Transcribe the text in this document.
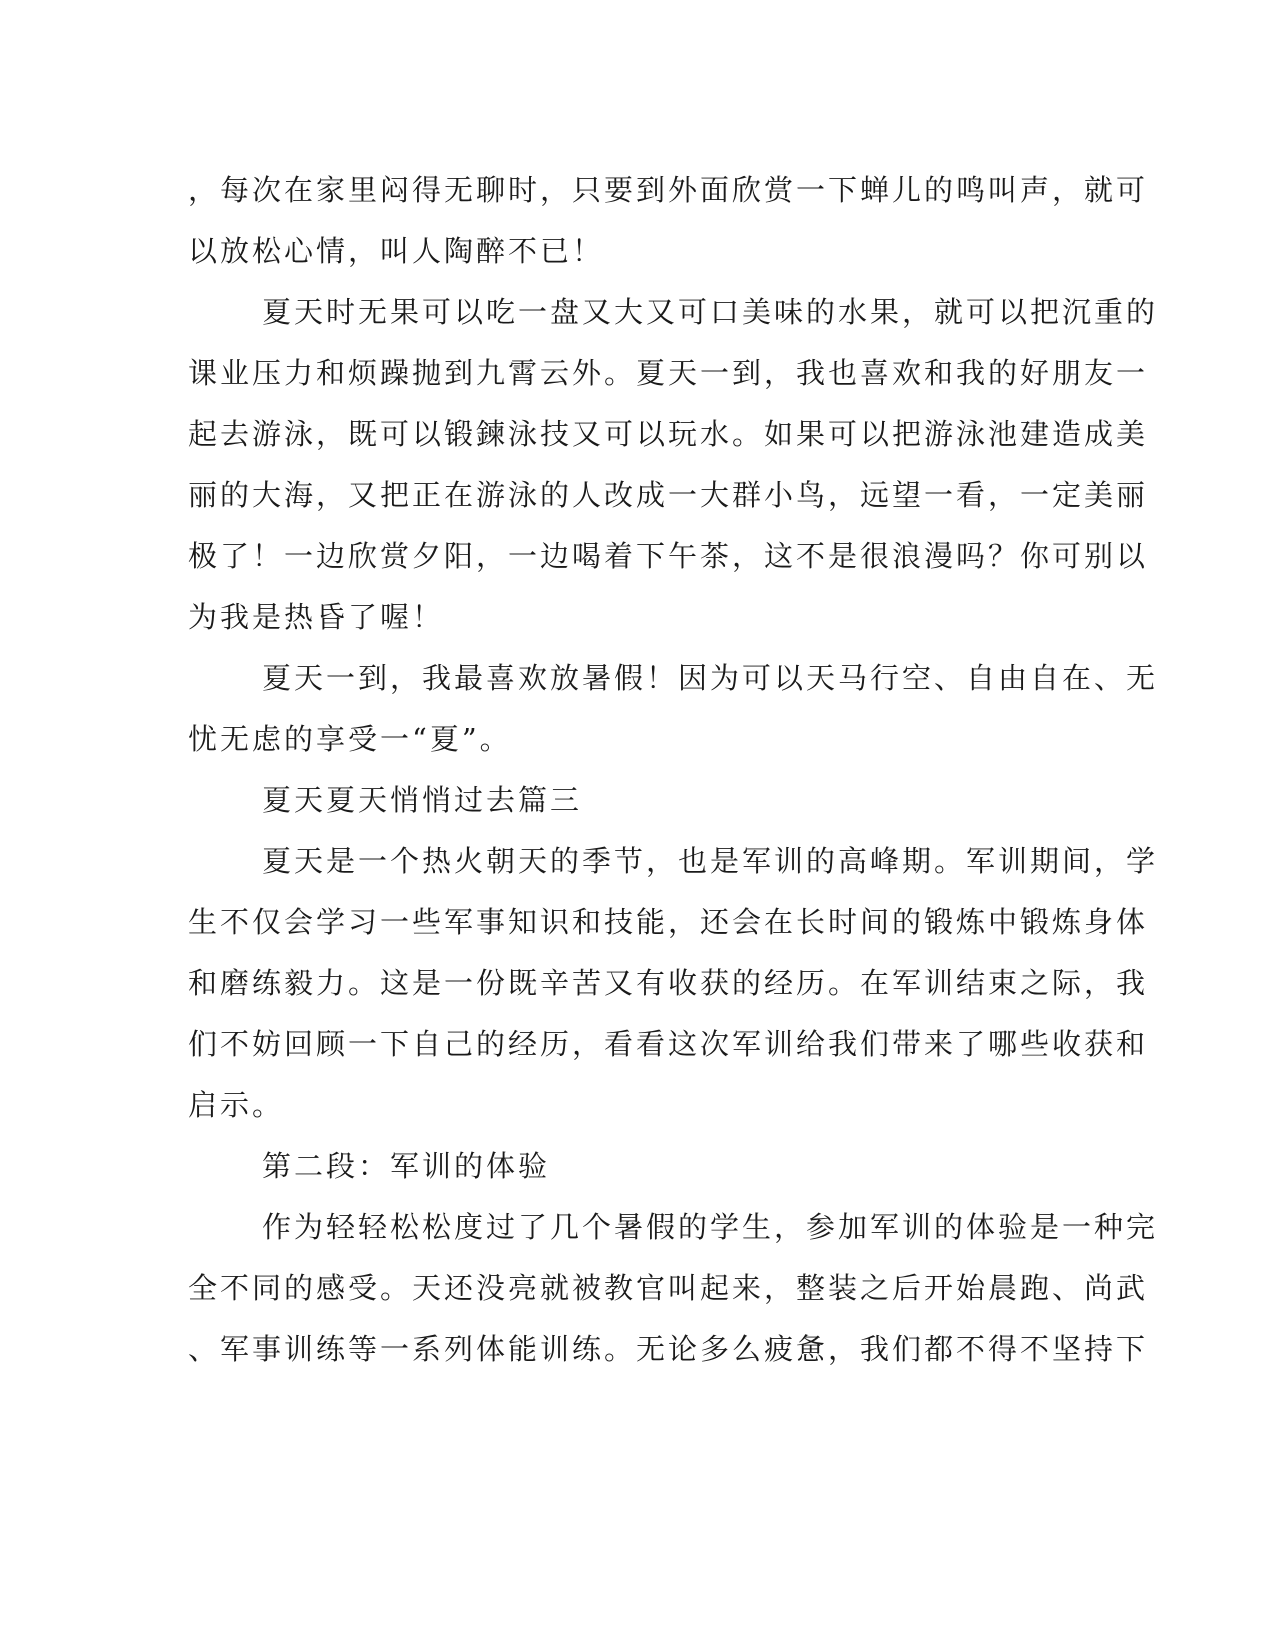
，每次在家里闷得无聊时，只要到外面欣赏一下蝉儿的鸣叫声，就可
以放松心情，叫人陶醉不已！
夏天时无果可以吃一盘又大又可口美味的水果，就可以把沉重的
课业压力和烦躁抛到九霄云外。夏天一到，我也喜欢和我的好朋友一
起去游泳，既可以锻鍊泳技又可以玩水。如果可以把游泳池建造成美
丽的大海，又把正在游泳的人改成一大群小鸟，远望一看，一定美丽
极了！一边欣赏夕阳，一边喝着下午茶，这不是很浪漫吗？你可别以
为我是热昏了喔！
夏天一到，我最喜欢放暑假！因为可以天马行空、自由自在、无
忧无虑的享受一“夏”。
夏天夏天悄悄过去篇三
夏天是一个热火朝天的季节，也是军训的高峰期。军训期间，学
生不仅会学习一些军事知识和技能，还会在长时间的锻炼中锻炼身体
和磨练毅力。这是一份既辛苦又有收获的经历。在军训结束之际，我
们不妨回顾一下自己的经历，看看这次军训给我们带来了哪些收获和
启示。
第二段：军训的体验
作为轻轻松松度过了几个暑假的学生，参加军训的体验是一种完
全不同的感受。天还没亮就被教官叫起来，整装之后开始晨跑、尚武
、军事训练等一系列体能训练。无论多么疲惫，我们都不得不坚持下
